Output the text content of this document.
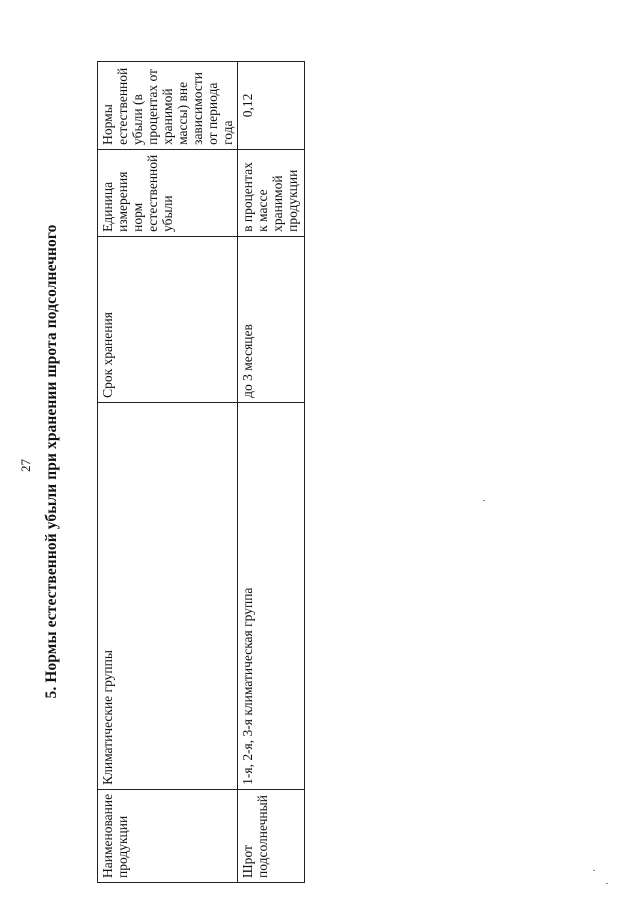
27 5. Нормы естественной убыли при хранении шрота подсолнечного
Наименование продукции	Климатические группы	Срок хранения	Единица измерения норм естественной убыли	Нормы естественной убыли (в процентах от хранимой массы) вне зависимости от периода года
Шрот подсолнечный	1-я, 2-я, 3-я климатическая группа	до 3 месяцев	в процентах к массе хранимой продукции	0,12
